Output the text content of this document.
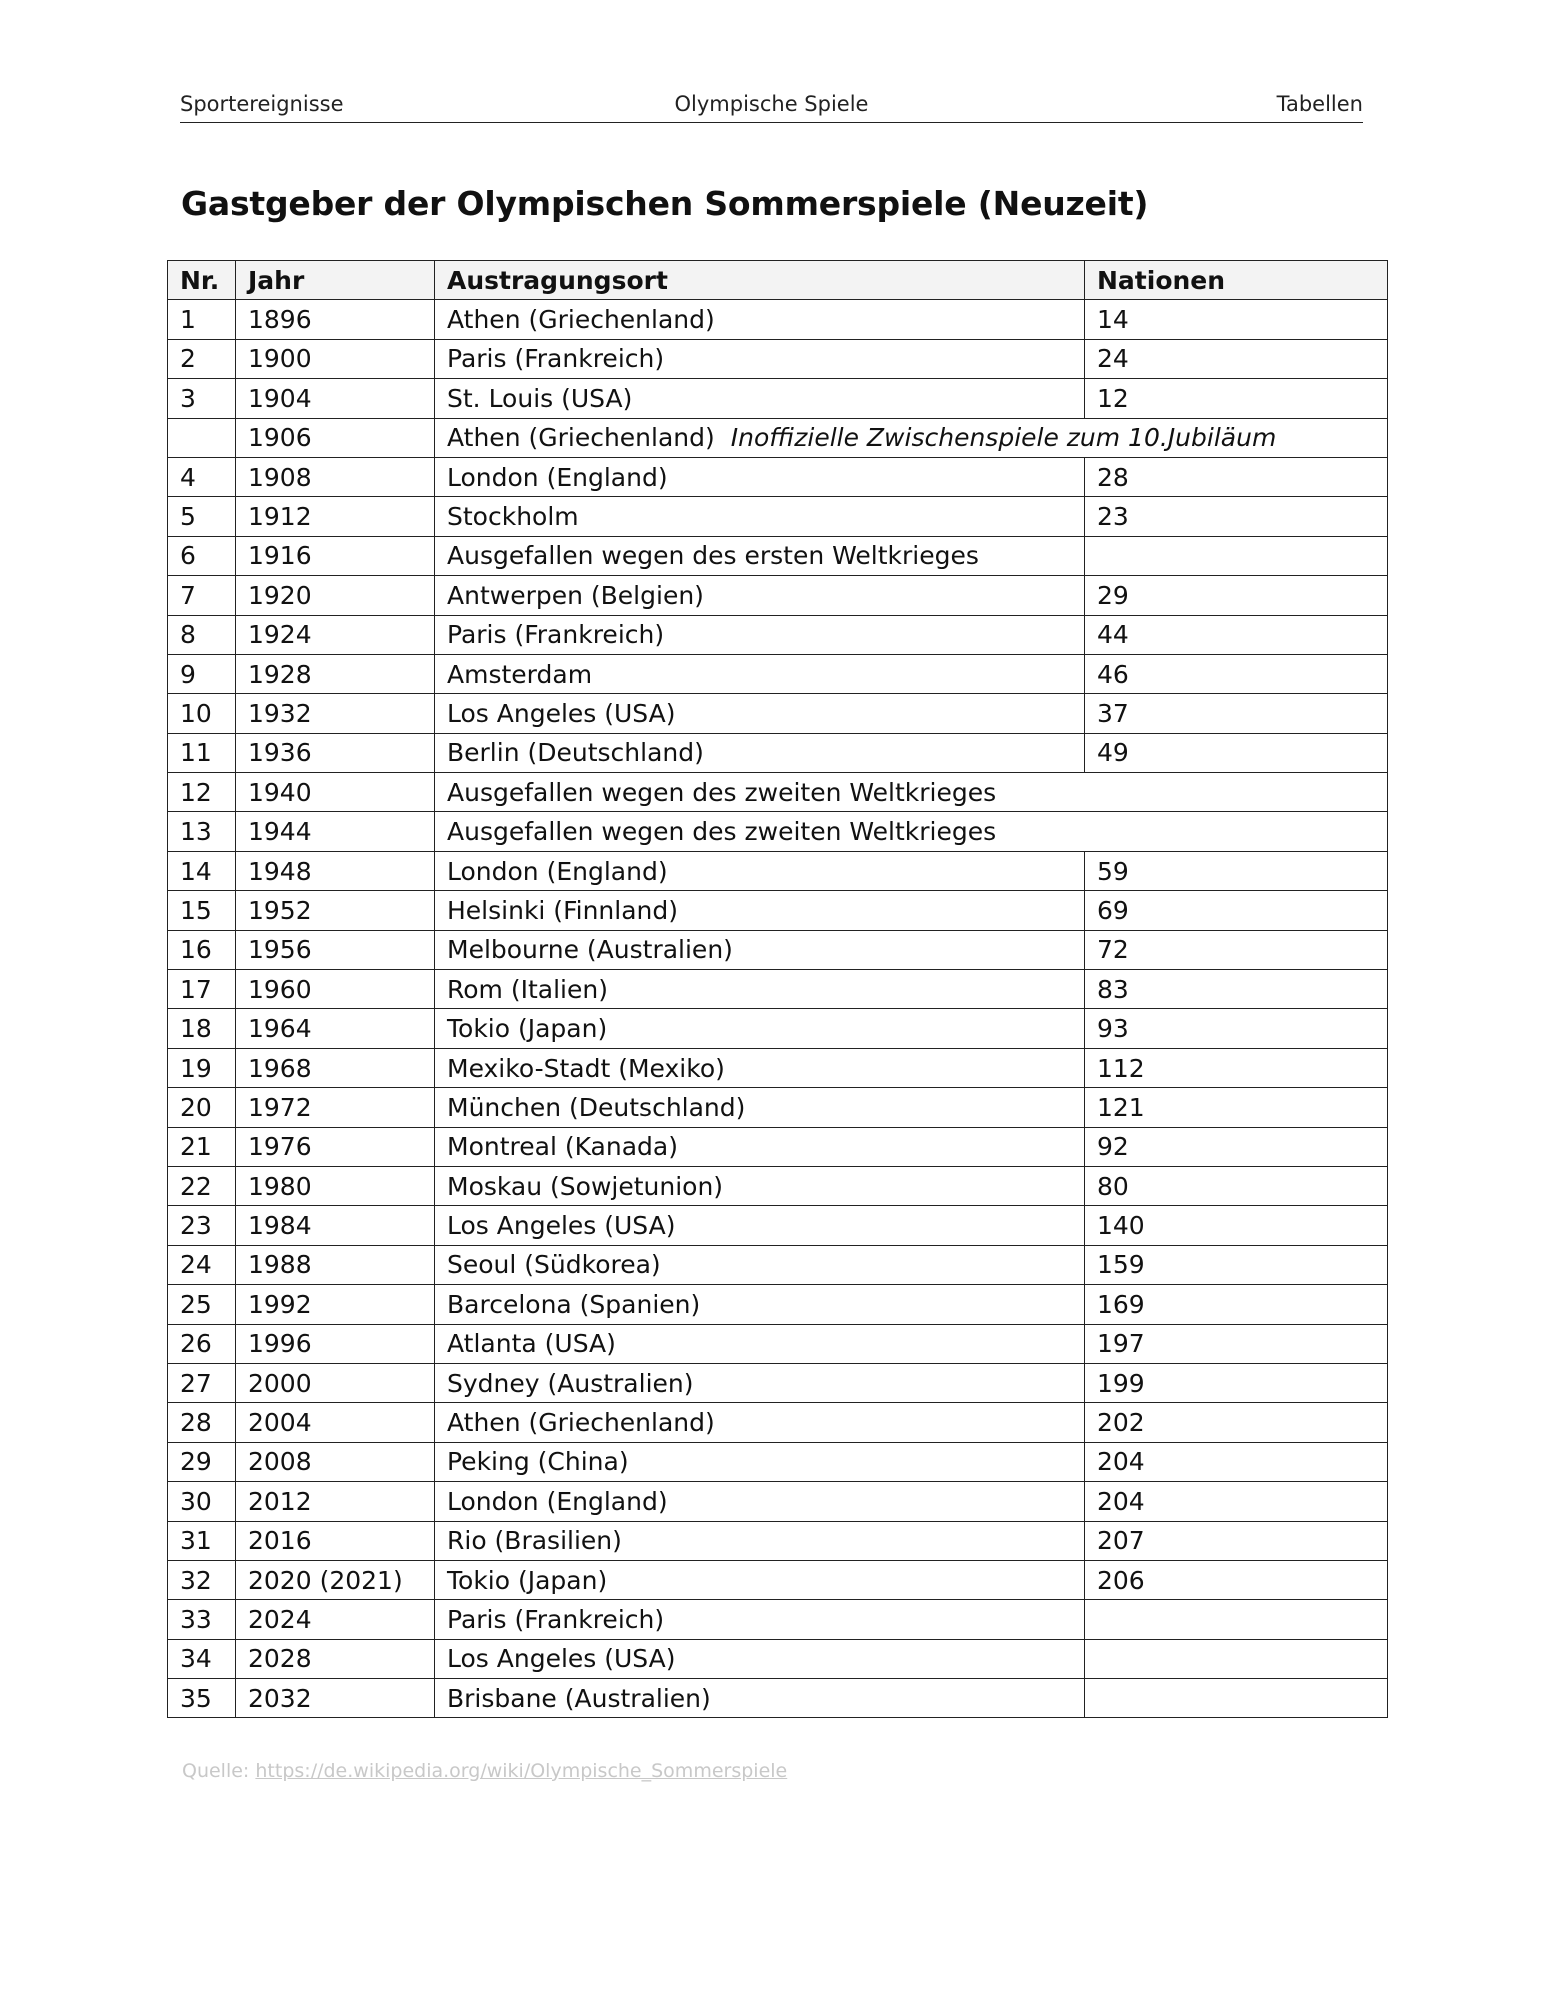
Sportereignisse	Olympische Spiele	Tabellen
Gastgeber der Olympischen Sommerspiele (Neuzeit)
Nr.	Jahr	Austragungsort	Nationen
1	1896	Athen (Griechenland)	14
2	1900	Paris (Frankreich)	24
3	1904	St. Louis (USA)	12
	1906	Athen (Griechenland) Inoffizielle Zwischenspiele zum 10.Jubiläum	
4	1908	London (England)	28
5	1912	Stockholm	23
6	1916	Ausgefallen wegen des ersten Weltkrieges	
7	1920	Antwerpen (Belgien)	29
8	1924	Paris (Frankreich)	44
9	1928	Amsterdam	46
10	1932	Los Angeles (USA)	37
11	1936	Berlin (Deutschland)	49
12	1940	Ausgefallen wegen des zweiten Weltkrieges	
13	1944	Ausgefallen wegen des zweiten Weltkrieges	
14	1948	London (England)	59
15	1952	Helsinki (Finnland)	69
16	1956	Melbourne (Australien)	72
17	1960	Rom (Italien)	83
18	1964	Tokio (Japan)	93
19	1968	Mexiko-Stadt (Mexiko)	112
20	1972	München (Deutschland)	121
21	1976	Montreal (Kanada)	92
22	1980	Moskau (Sowjetunion)	80
23	1984	Los Angeles (USA)	140
24	1988	Seoul (Südkorea)	159
25	1992	Barcelona (Spanien)	169
26	1996	Atlanta (USA)	197
27	2000	Sydney (Australien)	199
28	2004	Athen (Griechenland)	202
29	2008	Peking (China)	204
30	2012	London (England)	204
31	2016	Rio (Brasilien)	207
32	2020 (2021)	Tokio (Japan)	206
33	2024	Paris (Frankreich)	
34	2028	Los Angeles (USA)	
35	2032	Brisbane (Australien)	
Quelle: https://de.wikipedia.org/wiki/Olympische_Sommerspiele
